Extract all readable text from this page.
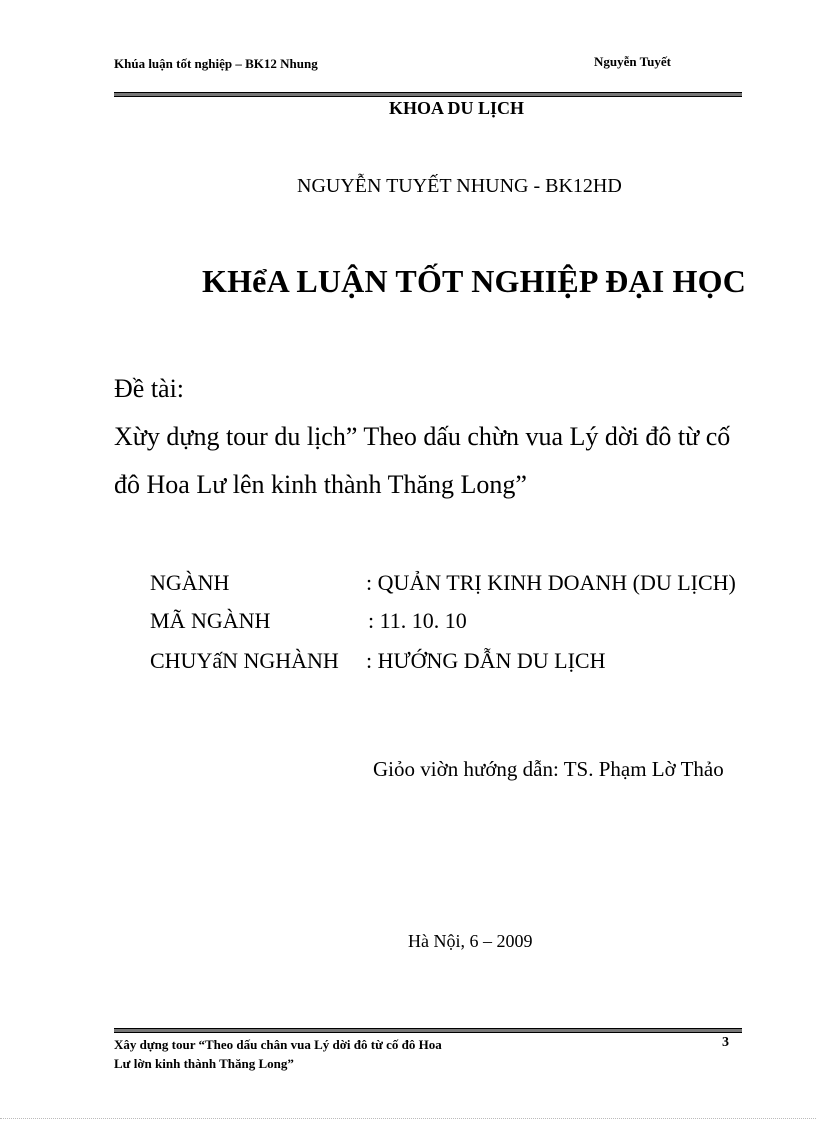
Khúa luận tốt nghiệp – BK12 Nhung	Nguyễn Tuyết
KHOA DU LỊCH
NGUYỄN TUYẾT NHUNG - BK12HD
KHểA LUẬN TỐT NGHIỆP ĐẠI HỌC
Đề tài:
Xừy dựng tour du lịch” Theo dấu chừn vua Lý dời đô từ cố
đô Hoa Lư lên kinh thành Thăng Long”
NGÀNH	: QUẢN TRỊ KINH DOANH (DU LỊCH)
MÃ NGÀNH	: 11. 10. 10
CHUYấN NGHÀNH : HƯỚNG DẪN DU LỊCH
Giỏo viờn hướng dẫn: TS. Phạm Lờ Thảo
Hà Nội, 6 – 2009
Xây dựng tour “Theo dấu chân vua Lý dời đô từ cố đô Hoa Lư lờn kinh thành Thăng Long”
3
